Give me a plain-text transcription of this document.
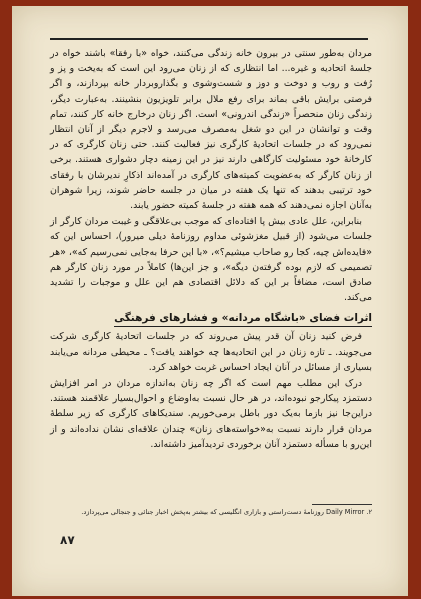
مردان به‌طور سنتی در بیرون خانه زندگی می‌کنند، خواه «با رفقا» باشند خواه در جلسهٔ اتحادیه و غیره... اما انتظاری که از زنان می‌رود این است که به‌یخت و پز و رُفت و روب و دوخت و دوز و شست‌وشوی و بگذار‌وبردار خانه بپردازند، و اگر فرصتی برایش باقی بماند برای رفع ملال برابر تلویزیون بنشینند. به‌عبارت دیگر، زندگی زنان منحصراً «زندگی اندرونی» است. اگر زنان درخارج خانه کار کنند، تمام وقت و توانشان در این دو شغل به‌مصرف می‌رسد و لاجرم دیگر از آنان انتظار نمی‌رود که در جلسات اتحادیهٔ کارگری نیز فعالیت کنند. حتی زنان کارگری که در کارخانهٔ خود مسئولیت کارگاهی دارند نیز در این زمینه دچار دشواری هستند. برخی از زنان کارگر که به‌عضویت کمیته‌های کارگری در آمده‌اند اذکارِ ندیرشان با رفقای خود ترتیبی بدهند که تنها یک هفته در میان در جلسه حاضر شوند، زیرا شوهران به‌آنان اجازه نمی‌دهند که همه هفته در جلسهٔ کمیته حضور یابند.

بنابراین، علل عادی بیش پا افتاده‌ای که موجب بی‌علاقگی و غیبت مردان کارگر از جلسات می‌شود (از قبیل مغزشوئی مداوم روزنامهٔ دیلی میرور)، احساس این که «فایده‌اش چیه، کجا رو صاحاب میشیم؟»، «با این حرفا به‌جایی نمی‌رسیم که»، «هر تصمیمی که لازم بوده گرفته‌ن دیگه»، و جز این‌ها) کاملاً در مورد زنان کارگر هم صادق است، مضافاً بر این که دلائل اقتصادی هم این علل و موجبات را تشدید می‌کند.

اثرات فضای «باشگاه مردانه» و فشارهای فرهنگی

فرض کنید زنان آن قدر پیش می‌روند که در جلسات اتحادیهٔ کارگری شرکت می‌جویند. ـ تازه زنان در این اتحادیه‌ها چه خواهند یافت؟ ـ محیطی مردانه می‌یابند بسیاری از مسائل در آنان ایجاد احساس غربت خواهد کرد.

درک این مطلب مهم است که اگر چه زنان به‌اندازه مردان در امر افزایش دستمزد پیکارجو نبوده‌اند، در هر حال نسبت به‌اوضاع و احوال‌بسیار علاقمند هستند. دراین‌جا نیز بازما به‌یک دور باطل برمی‌خوریم. سندیکاهای کارگری که زیر سلطهٔ مردان قرار دارند نسبت به‌«خواسته‌های زنان» چندان علاقه‌ای نشان نداده‌اند و از این‌رو با مسأله دستمزد آنان برخوردی تردیدآمیز داشته‌اند.

۲. Daily Mirror روزنامهٔ دست‌راستی و بازاری انگلیسی که بیشتر به‌پخش اخبار جنائی و جنجالی می‌پردازد.
۸۷
